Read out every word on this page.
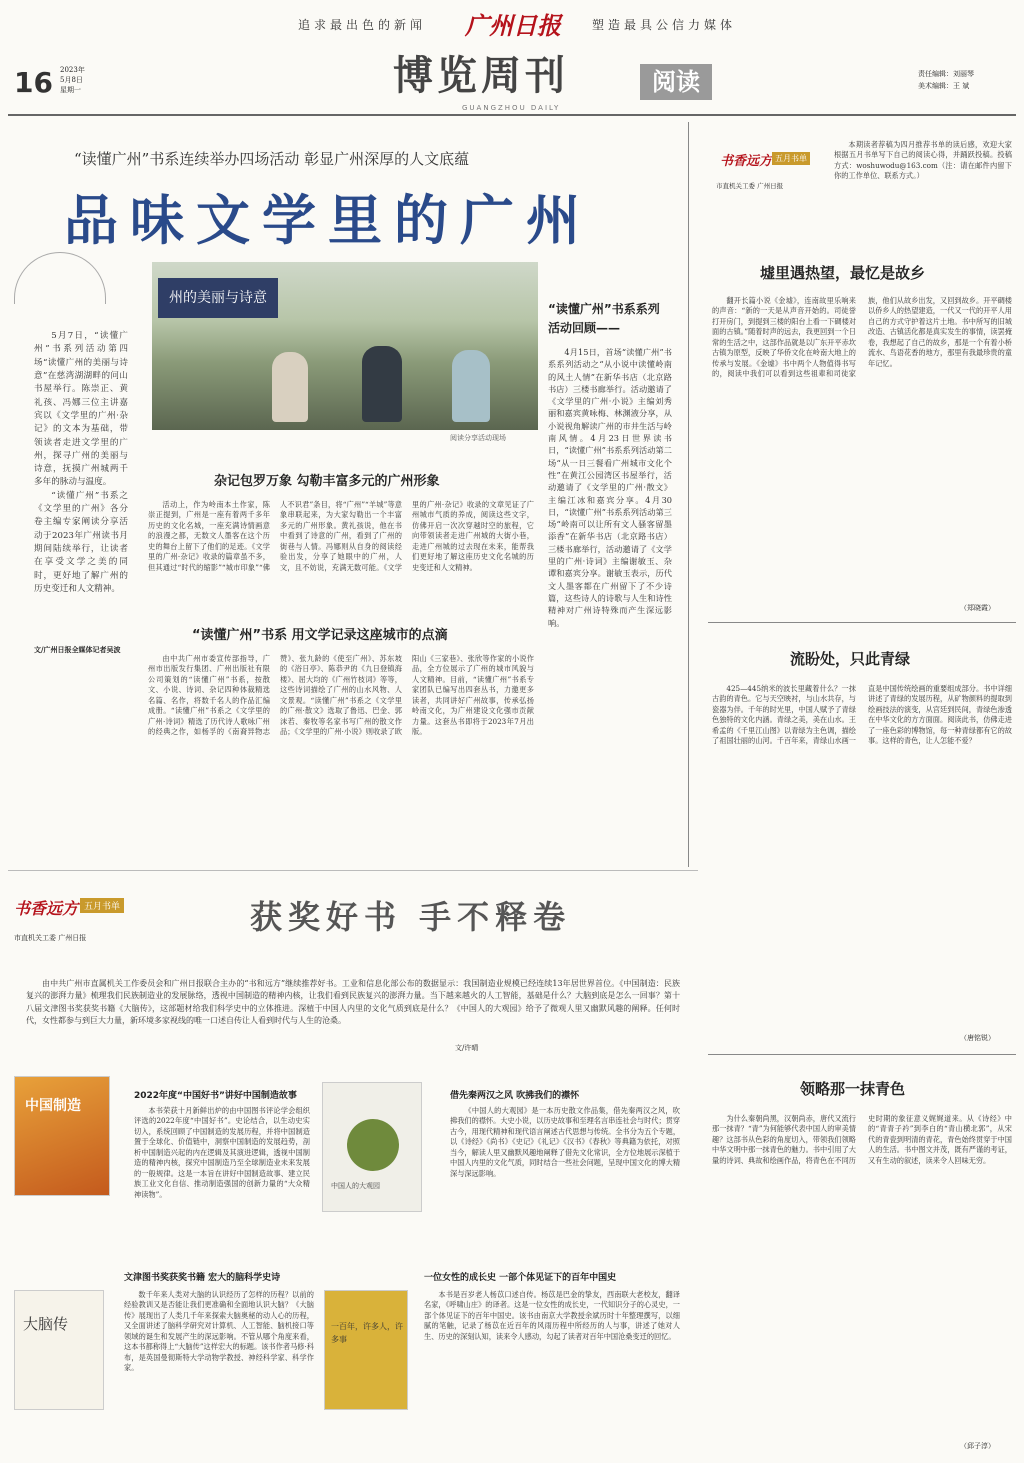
追求最出色的新闻 广州日报	塑造最具公信力媒体
16 2023年
5月8日
星期一	博览周刊	阅读
GUANGZHOU DAILY
责任编辑：刘丽琴
美术编辑：王 斌
“读懂广州”书系连续举办四场活动 彰显广州深厚的人文底蕴
品味文学里的广州

5月7日，“读懂广州”书系列活动第四场“读懂广州的美丽与诗意”在慈湾湖湖畔的问山书屋举行。陈崇正、黄礼孩、冯娜三位主讲嘉宾以《文学里的广州·杂记》的文本为基础，带领读者走进文学里的广州，探寻广州的美丽与诗意，抚摸广州城两千多年的脉动与温度。

“读懂广州”书系之《文学里的广州》各分卷主编专家阐读分享活动于2023年广州读书月期间陆续举行，让读者在享受文学之美的同时，更好地了解广州的历史变迁和人文精神。

文/广州日报全媒体记者吴波
州的美丽与诗意
阅读分享活动现场
杂记包罗万象 勾勒丰富多元的广州形象
活动上，作为岭南本土作家，陈崇正提到，广州是一座有着两千多年历史的文化名城，一座充满诗情画意的浪漫之都，无数文人墨客在这个历史的舞台上留下了他们的足迹。《文学里的广州·杂记》收录的篇章虽不多，但其通过“时代的缩影”“城市印象”“佛人不识君”条目，将“广州”“羊城”等意象串联起来，为大家勾勒出一个丰富多元的广州形象。黄礼孩说，他在书中看到了诗意的广州，看到了广州的街巷与人情。冯娜则从自身的阅读经验出发，分享了她眼中的广州，人文，且不妨说，充满无数可能。《文学里的广州·杂记》收录的文章见证了广州城市气质的养成，阅读这些文字，仿佛开启一次次穿越时空的旅程，它向带领读者走进广州城的大街小巷，走进广州城的过去现在未来，能帮我们更好地了解这座历史文化名城的历史变迁和人文精神。
“读懂广州”书系 用文学记录这座城市的点滴
由中共广州市委宣传部指导，广州市出版发行集团、广州出版社有限公司策划的“读懂广州”书系，按散文、小说、诗词、杂记四种体裁精选名篇、名作，将数千名人的作品汇编成册。“读懂广州”书系之《文学里的广州·诗词》精选了历代诗人歌咏广州的经典之作，如杨孚的《南裔异物志赞》、张九龄的《使至广州》、苏东坡的《浴日亭》、陈恭尹的《九日登镇海楼》、屈大均的《广州竹枝词》等等，这些诗词描绘了广州的山水风物、人文景观。“读懂广州”书系之《文学里的广州·散文》选取了鲁迅、巴金、郭沫若、秦牧等名家书写广州的散文作品；《文学里的广州·小说》则收录了欧阳山《三家巷》、张欣等作家的小说作品，全方位展示了广州的城市风貌与人文精神。目前，“读懂广州”书系专家团队已编写出四套丛书，力邀更多读者，共同讲好广州故事，传承弘扬岭南文化，为广州建设文化强市贡献力量。这套丛书即将于2023年7月出版。
“读懂广州”书系系列活动回顾——
4月15日，首场“读懂广州”书系系列活动之“从小说中读懂岭南的风土人情”在新华书店（北京路书店）三楼书廊举行。活动邀请了《文学里的广州·小说》主编刘秀丽和嘉宾黄咏梅、林渊液分享，从小说视角解读广州的市井生活与岭南风情。4月23日世界读书日，“读懂广州”书系系列活动第二场“从一日三餐看广州城市文化个性”在黄江公园湾区书屋举行，活动邀请了《文学里的广州·散文》主编江冰和嘉宾分享。4月30日，“读懂广州”书系系列活动第三场“岭南可以让所有文人骚客留墨添香”在新华书店（北京路书店）三楼书廊举行，活动邀请了《文学里的广州·诗词》主编谢敏玉、杂谭和嘉宾分享。谢敏玉表示，历代文人墨客都在广州留下了不少诗篇，这些诗人的诗歌与人生和诗性精神对广州诗特殊而产生深远影响。
书香远方 五月书单
市直机关工委 广州日报
本期读者荐稿为四月推荐书单的读后感，欢迎大家根据五月书单写下自己的阅读心得，并踊跃投稿。投稿方式：woshuwodu@163.com（注：请在邮件内留下你的工作单位、联系方式。）
墟里遇热望，最忆是故乡
翻开长篇小说《金墟》，连南故里乐响来的声音：“新的一天是从声音开始的。司徒誉打开房门，到提到三楼的阳台上看一下碉楼对面的古镇。”随着时声的远去，我更回到一个日常的生活之中，这部作品就是以广东开平赤坎古镇为原型，反映了华侨文化在岭南大地上的传承与发展。《金墟》书中两个人物值得书写的，阅读中我们可以看到这些祖辈和司徒家族，他们从故乡出发，又回到故乡。开平碉楼以侨乡人的热望建造，一代又一代的开平人用自己的方式守护着这片土地。书中所写的旧城改造、古镇活化都是真实发生的事情，读罢掩卷，我想起了自己的故乡，那是一个有着小桥流水、鸟语花香的地方，那里有我最珍贵的童年记忆。
（郑晓霞）
流盼处，只此青绿
425—445纳米的波长里藏着什么？一抹古韵的青色。它与天空映衬，与山水共存，与瓷器为伴。千年的时光里，中国人赋予了青绿色独特的文化内涵。青绿之美，美在山水。王希孟的《千里江山图》以青绿为主色调，描绘了祖国壮丽的山河。千百年来，青绿山水画一直是中国传统绘画的重要组成部分。书中详细讲述了青绿的发展历程，从矿物颜料的提取到绘画技法的演变，从宫廷到民间，青绿色渗透在中华文化的方方面面。阅读此书，仿佛走进了一座色彩的博物馆，每一种青绿都有它的故事。这样的青色，让人怎能不爱？
（唐铭锐）
领略那一抹青色
为什么秦朝尚黑，汉朝尚赤，唐代又流行那一抹青？“青”为何能够代表中国人的审美情趣？这部书从色彩的角度切入，带领我们领略中华文明中那一抹青色的魅力。书中引用了大量的诗词、典故和绘画作品，将青色在不同历史时期的象征意义娓娓道来。从《诗经》中的“青青子衿”到李白的“青山横北郭”，从宋代的青瓷到明清的青花，青色始终贯穿于中国人的生活。书中图文并茂，既有严谨的考证，又有生动的叙述，读来令人回味无穷。
（邱子淳）
书香远方 五月书单
市直机关工委 广州日报
获奖好书 手不释卷
由中共广州市直属机关工作委员会和广州日报联合主办的“书和远方”继续推荐好书。工业和信息化部公布的数据显示：我国制造业规模已经连续13年居世界首位。《中国制造：民族复兴的澎湃力量》梳理我们民族制造业的发展脉络，透视中国制造的精神内核，让我们看到民族复兴的澎湃力量。当下越来越火的人工智能，基础是什么？大脑到底是怎么一回事？第十八届文津图书奖获奖书籍《大脑传》，这部题材给我们科学史中的立体推进。深植于中国人内里的文化气质到底是什么？《中国人的大观园》给予了微观人里又幽默风趣的阐释。任何时代，女性都参与到巨大力量，新环境多家视线的唯一口述自传让人看到时代与人生的沧桑。
文/许晴
中国制造
2022年度“中国好书”讲好中国制造故事
本书荣获十月新鲜出炉的由中国图书评论学会组织评选的2022年度“中国好书”。史论结合，以生动史实切入，系统回顾了中国制造的发展历程，并将中国制造置于全球化、价值链中，洞察中国制造的发展趋势，剖析中国制造兴起的内在逻辑及其演进逻辑，透视中国制造的精神内核，探究中国制造乃至全球制造业未来发展的一般规律。这是一本旨在讲好中国制造故事、建立民族工业文化自信、推动制造强国的创新力量的“大众精神读物”。
中国人的大观园
借先秦两汉之风 吹拂我们的襟怀
《中国人的大观园》是一本历史散文作品集，借先秦两汉之风，吹拂我们的襟怀。大史小说，以历史故事和至理名言串连社会与时代；贯穿古今，用现代精神和现代语言阐述古代思想与传统。全书分为五个专题，以《诗经》《尚书》《史记》《礼记》《汉书》《春秋》等典籍为依托，对照当今，解读人里又幽默风趣地阐释了借先文化常识，全方位地展示深植于中国人内里的文化气质，同时结合一些社会问题，呈现中国文化的博大精深与深远影响。
大脑传
文津图书奖获奖书籍 宏大的脑科学史诗
数千年来人类对大脑的认识经历了怎样的历程？以前的经验教训又是否能让我们更准确和全面地认识大脑？《大脑传》展现出了人类几千年来探索大脑奥秘的动人心的历程，又全面讲述了脑科学研究对计算机、人工智能、脑机接口等领域的诞生和发展产生的深远影响。不管从哪个角度来看，这本书都称得上“大脑传”这样宏大的标题。该书作者马修·科布，是英国曼彻斯特大学动物学教授、神经科学家、科学作家。
一百年，许多人，许多事
一位女性的成长史 一部个体见证下的百年中国史
本书是百岁老人杨苡口述自传。杨苡是巴金的挚友，西南联大老校友，翻译名家，《呼啸山庄》的译者。这是一位女性的成长史，一代知识分子的心灵史，一部个体见证下的百年中国史。该书由南京大学教授余斌历时十年整理撰写，以细腻的笔触，记录了杨苡在近百年的风雨历程中所经历的人与事，讲述了她对人生、历史的深刻认知，读来令人感动，勾起了读者对百年中国沧桑变迁的回忆。
